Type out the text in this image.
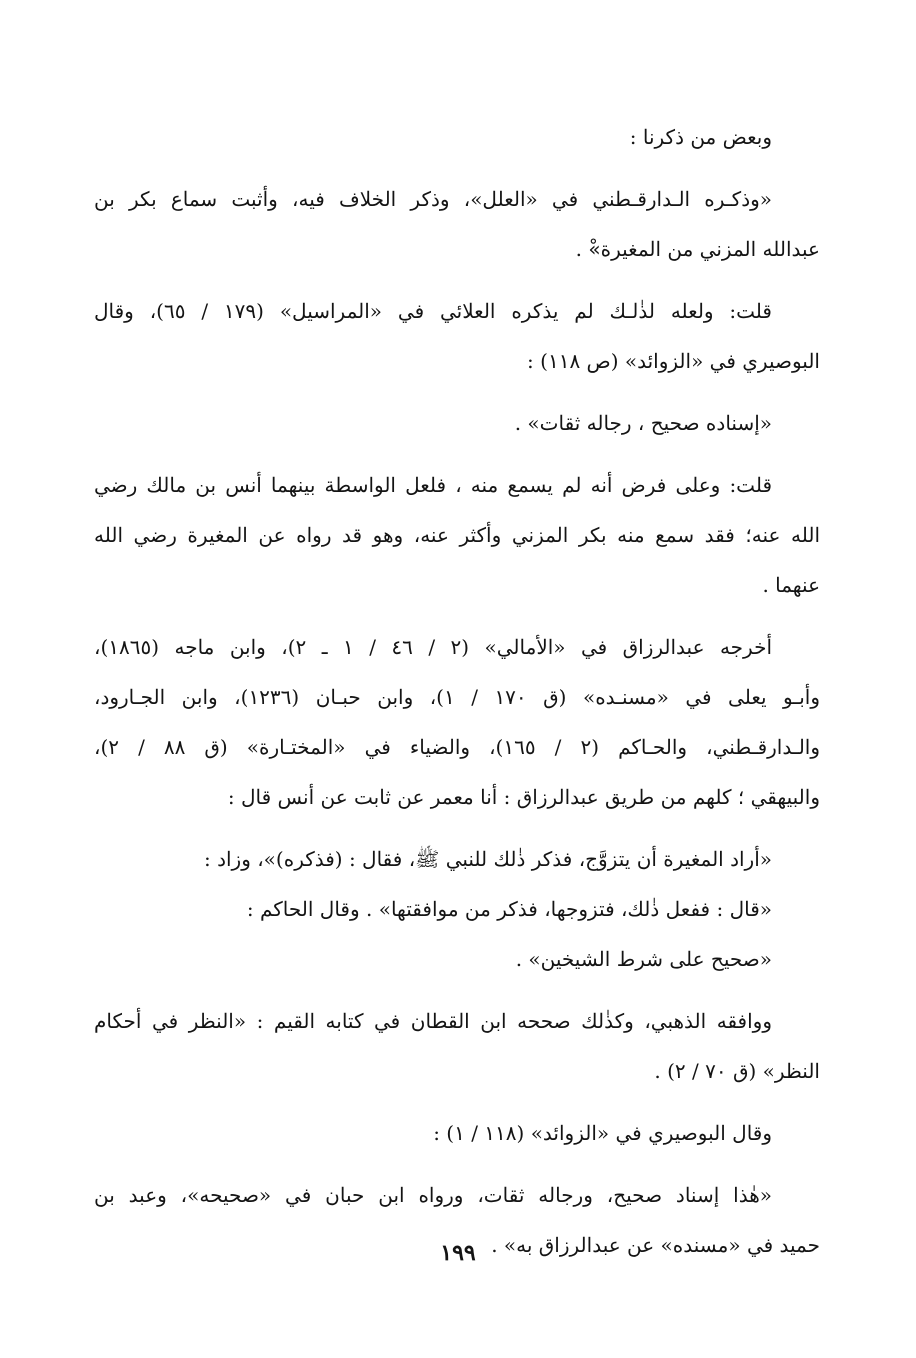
وبعض من ذكرنا :

«وذكـره الـدارقـطني في «العلل»، وذكر الخلاف فيه، وأثبت سماع بكر بن

عبدالله المزني من المغيرة»ْ .

قلت: ولعله لذٰلـك لم يذكره العلائي في «المراسيل» (١٧٩ / ٦٥)، وقال

البوصيري في «الزوائد» (ص ١١٨) :

«إسناده صحيح ، رجاله ثقات» .

قلت: وعلى فرض أنه لم يسمع منه ، فلعل الواسطة بينهما أنس بن مالك رضي

الله عنه؛ فقد سمع منه بكر المزني وأكثر عنه، وهو قد رواه عن المغيرة رضي الله

عنهما .

أخرجه عبدالرزاق في «الأمالي» (٢ / ٤٦ / ١ ـ ٢)، وابن ماجه (١٨٦٥)،

وأبـو يعلى في «مسنـده» (ق ١٧٠ / ١)، وابن حبـان (١٢٣٦)، وابن الجـارود،

والـدارقـطني، والحـاكم (٢ / ١٦٥)، والضياء في «المختـارة» (ق ٨٨ / ٢)،

والبيهقي ؛ كلهم من طريق عبدالرزاق : أنا معمر عن ثابت عن أنس قال :

«أراد المغيرة أن يتزوَّج، فذكر ذٰلك للنبي ﷺ، فقال : (فذكره)»، وزاد :

«قال : ففعل ذٰلك، فتزوجها، فذكر من موافقتها» . وقال الحاكم :

«صحيح على شرط الشيخين» .

ووافقه الذهبي، وكذٰلك صححه ابن القطان في كتابه القيم : «النظر في أحكام

النظر» (ق ٧٠ / ٢) .

وقال البوصيري في «الزوائد» (١١٨ / ١) :

«هٰذا إسناد صحيح، ورجاله ثقات، ورواه ابن حبان في «صحيحه»، وعبد بن

حميد في «مسنده» عن عبدالرزاق به» .

١٩٩
